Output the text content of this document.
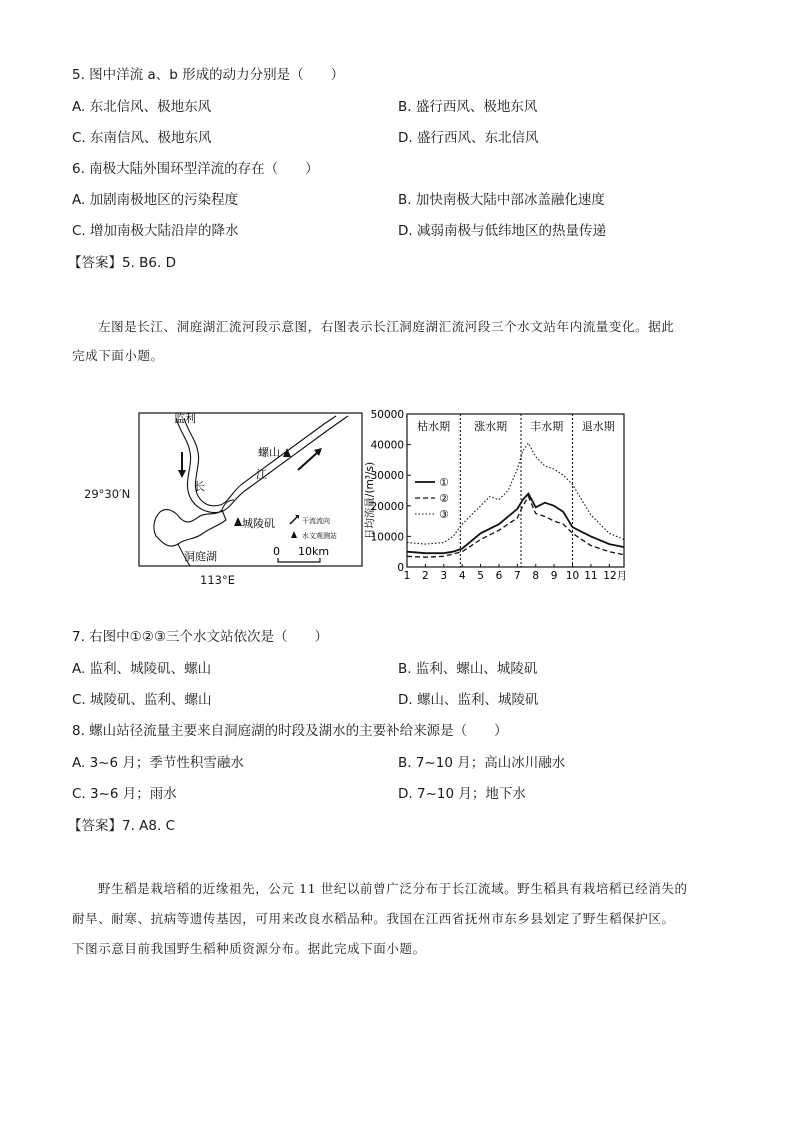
5. 图中洋流 a、b 形成的动力分别是（　　）
A. 东北信风、极地东风	B. 盛行西风、极地东风
C. 东南信风、极地东风	D. 盛行西风、东北信风
6. 南极大陆外围环型洋流的存在（　　）
A. 加剧南极地区的污染程度	B. 加快南极大陆中部冰盖融化速度
C. 增加南极大陆沿岸的降水	D. 减弱南极与低纬地区的热量传递
【答案】5. B6. D
左图是长江、洞庭湖汇流河段示意图，右图表示长江洞庭湖汇流河段三个水文站年内流量变化。据此
完成下面小题。
29°30′N
113°E
监利
螺山
城陵矶
洞庭湖
长
江
干流流向
水文观测站
0 10km
0
10000
20000
30000
40000
50000
1 2 3 4 5 6 7 8 9 10 11 12月
枯水期 涨水期 丰水期 退水期
日均流量/(m³/s)	①
②
③
7. 右图中①②③三个水文站依次是（　　）
A. 监利、城陵矶、螺山	B. 监利、螺山、城陵矶
C. 城陵矶、监利、螺山	D. 螺山、监利、城陵矶
8. 螺山站径流量主要来自洞庭湖的时段及湖水的主要补给来源是（　　）
A. 3~6 月；季节性积雪融水	B. 7~10 月；高山冰川融水
C. 3~6 月；雨水	D. 7~10 月；地下水
【答案】7. A8. C
野生稻是栽培稻的近缘祖先，公元 11 世纪以前曾广泛分布于长江流域。野生稻具有栽培稻已经消失的
耐旱、耐寒、抗病等遗传基因，可用来改良水稻品种。我国在江西省抚州市东乡县划定了野生稻保护区。
下图示意目前我国野生稻种质资源分布。据此完成下面小题。
